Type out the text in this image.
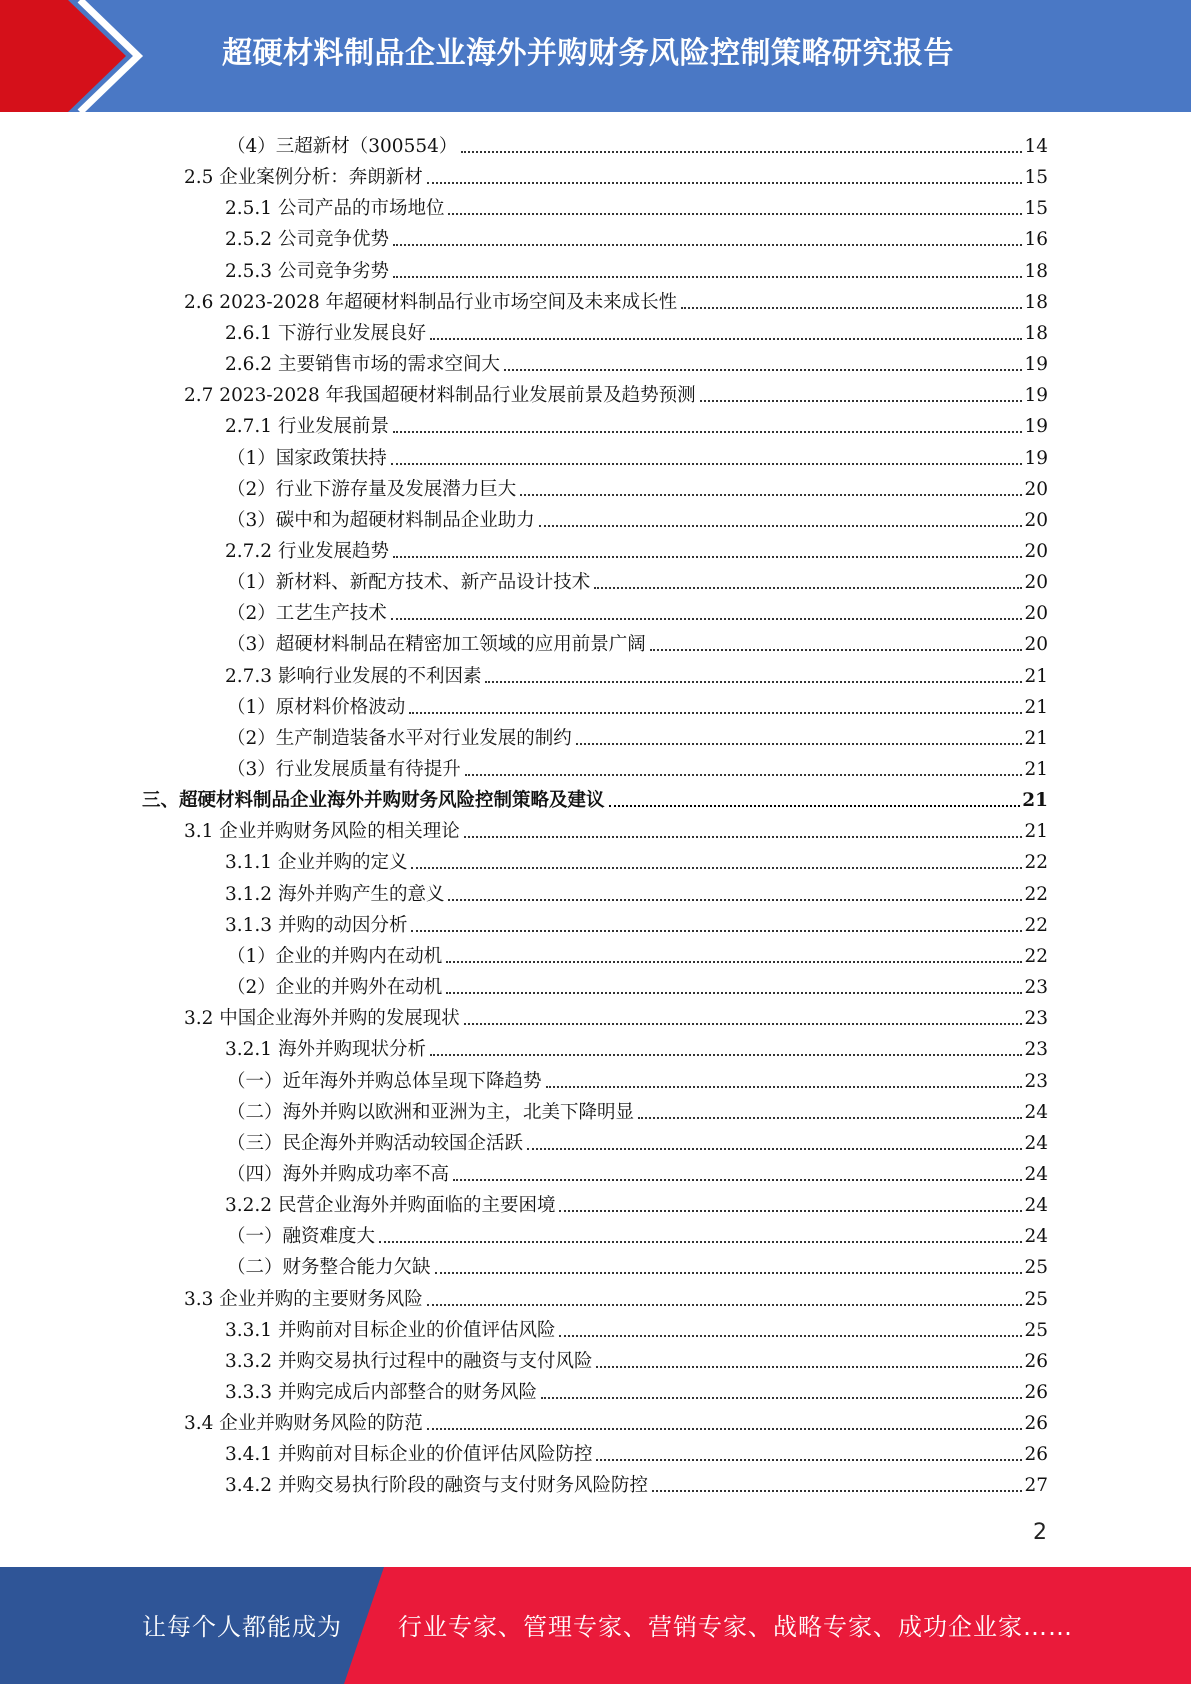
超硬材料制品企业海外并购财务风险控制策略研究报告
（4）三超新材（300554）	14
2.5 企业案例分析：奔朗新材	15
2.5.1 公司产品的市场地位	15
2.5.2 公司竞争优势	16
2.5.3 公司竞争劣势	18
2.6 2023-2028 年超硬材料制品行业市场空间及未来成长性	18
2.6.1 下游行业发展良好	18
2.6.2 主要销售市场的需求空间大	19
2.7 2023-2028 年我国超硬材料制品行业发展前景及趋势预测	19
2.7.1 行业发展前景	19
（1）国家政策扶持	19
（2）行业下游存量及发展潜力巨大	20
（3）碳中和为超硬材料制品企业助力	20
2.7.2 行业发展趋势	20
（1）新材料、新配方技术、新产品设计技术	20
（2）工艺生产技术	20
（3）超硬材料制品在精密加工领域的应用前景广阔	20
2.7.3 影响行业发展的不利因素	21
（1）原材料价格波动	21
（2）生产制造装备水平对行业发展的制约	21
（3）行业发展质量有待提升	21
三、超硬材料制品企业海外并购财务风险控制策略及建议	21
3.1 企业并购财务风险的相关理论	21
3.1.1 企业并购的定义	22
3.1.2 海外并购产生的意义	22
3.1.3 并购的动因分析	22
（1）企业的并购内在动机	22
（2）企业的并购外在动机	23
3.2 中国企业海外并购的发展现状	23
3.2.1 海外并购现状分析	23
（一）近年海外并购总体呈现下降趋势	23
（二）海外并购以欧洲和亚洲为主，北美下降明显	24
（三）民企海外并购活动较国企活跃	24
（四）海外并购成功率不高	24
3.2.2 民营企业海外并购面临的主要困境	24
（一）融资难度大	24
（二）财务整合能力欠缺	25
3.3 企业并购的主要财务风险	25
3.3.1 并购前对目标企业的价值评估风险	25
3.3.2 并购交易执行过程中的融资与支付风险	26
3.3.3 并购完成后内部整合的财务风险	26
3.4 企业并购财务风险的防范	26
3.4.1 并购前对目标企业的价值评估风险防控	26
3.4.2 并购交易执行阶段的融资与支付财务风险防控	27
2
让每个人都能成为 行业专家、管理专家、营销专家、战略专家、成功企业家……
